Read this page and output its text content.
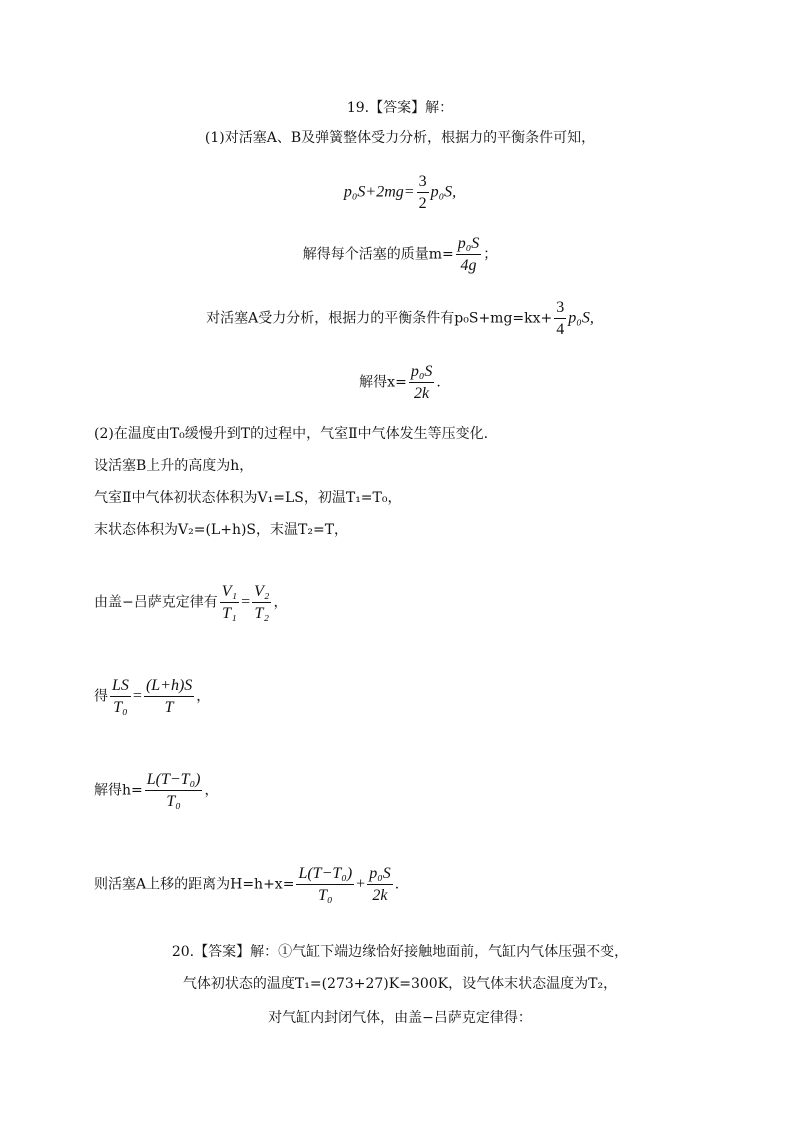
19.【答案】解：
(1)对活塞A、B及弹簧整体受力分析，根据力的平衡条件可知，
$p_0S+2mg= \frac{3}{2} p_0S$,
解得每个活塞的质量$m= \frac{\text{p₀S}}{4g}$ ；
对活塞A受力分析，根据力的平衡条件有$p_0S+mg=kx+ \frac{3}{4} p_0S$,
解得$x= \frac{\text{p₀S}}{2k}$ .
(2)在温度由T₀缓慢升到T的过程中，气室Ⅱ中气体发生等压变化.
设活塞B上升的高度为h，
气室Ⅱ中气体初状态体积为V₁=LS，初温T₁=T₀，
末状态体积为V₂=(L+h)S，末温T₂=T，
由盖−吕萨克定律有 $\frac{\text{V₁}}{\text{T₁}} = \frac{\text{V₂}}{\text{T₂}}$ ，
得 $\frac{LS}{\text{T₀}} = \frac{(L+h)S}{T}$ ，
解得$h= \frac{\text{L(T−T₀)}}{\text{T₀}}$ ，
则活塞A上移的距离为$H=h+x= \frac{\text{L(T−T₀)}}{\text{T₀}} + \frac{\text{p₀S}}{2k}$ .
20.【答案】解：①气缸下端边缘恰好接触地面前，气缸内气体压强不变，
气体初状态的温度T₁=(273+27)K=300K，设气体末状态温度为T₂，
对气缸内封闭气体，由盖−吕萨克定律得：
